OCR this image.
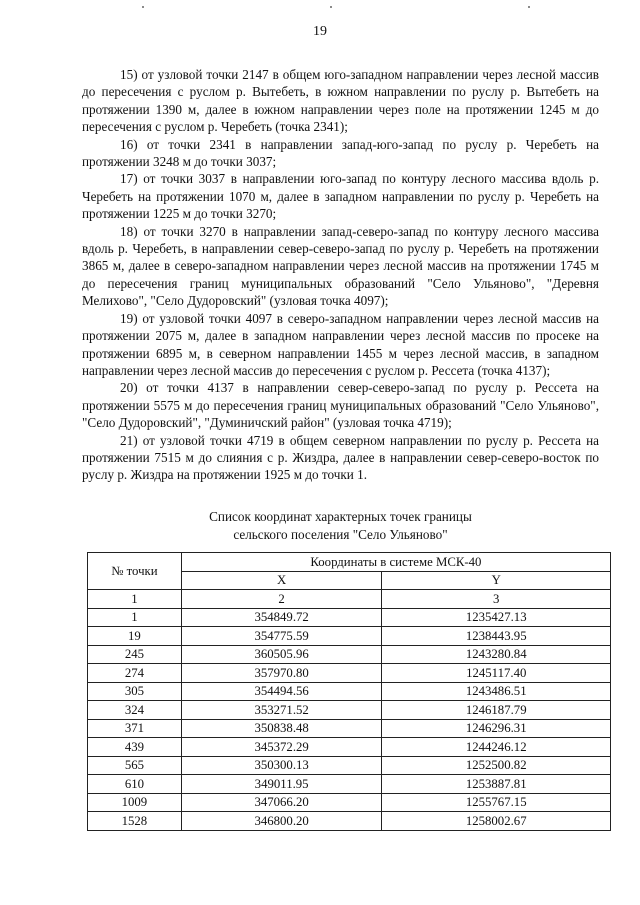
19

15) от узловой точки 2147 в общем юго-западном направлении через лесной массив до пересечения с руслом р. Вытебеть, в южном направлении по руслу р. Вытебеть на протяжении 1390 м, далее в южном направлении через поле на протяжении 1245 м до пересечения с руслом р. Черебеть (точка 2341);

16) от точки 2341 в направлении запад-юго-запад по руслу р. Черебеть на протяжении 3248 м до точки 3037;

17) от точки 3037 в направлении юго-запад по контуру лесного массива вдоль р. Черебеть на протяжении 1070 м, далее в западном направлении по руслу р. Черебеть на протяжении 1225 м до точки 3270;

18) от точки 3270 в направлении запад-северо-запад по контуру лесного массива вдоль р. Черебеть, в направлении север-северо-запад по руслу р. Черебеть на протяжении 3865 м, далее в северо-западном направлении через лесной массив на протяжении 1745 м до пересечения границ муниципальных образований "Село Ульяново", "Деревня Мелихово", "Село Дудоровский" (узловая точка 4097);

19) от узловой точки 4097 в северо-западном направлении через лесной массив на протяжении 2075 м, далее в западном направлении через лесной массив по просеке на протяжении 6895 м, в северном направлении 1455 м через лесной массив, в западном направлении через лесной массив до пересечения с руслом р. Рессета (точка 4137);

20) от точки 4137 в направлении север-северо-запад по руслу р. Рессета на протяжении 5575 м до пересечения границ муниципальных образований "Село Ульяново", "Село Дудоровский", "Думиничский район" (узловая точка 4719);

21) от узловой точки 4719 в общем северном направлении по руслу р. Рессета на протяжении 7515 м до слияния с р. Жиздра, далее в направлении север-северо-восток по руслу р. Жиздра на протяжении 1925 м до точки 1.

Список координат характерных точек границы
сельского поселения "Село Ульяново"
№ точки	Координаты в системе МСК-40	
	X	Y
1	2	3
1	354849.72	1235427.13
19	354775.59	1238443.95
245	360505.96	1243280.84
274	357970.80	1245117.40
305	354494.56	1243486.51
324	353271.52	1246187.79
371	350838.48	1246296.31
439	345372.29	1244246.12
565	350300.13	1252500.82
610	349011.95	1253887.81
1009	347066.20	1255767.15
1528	346800.20	1258002.67
